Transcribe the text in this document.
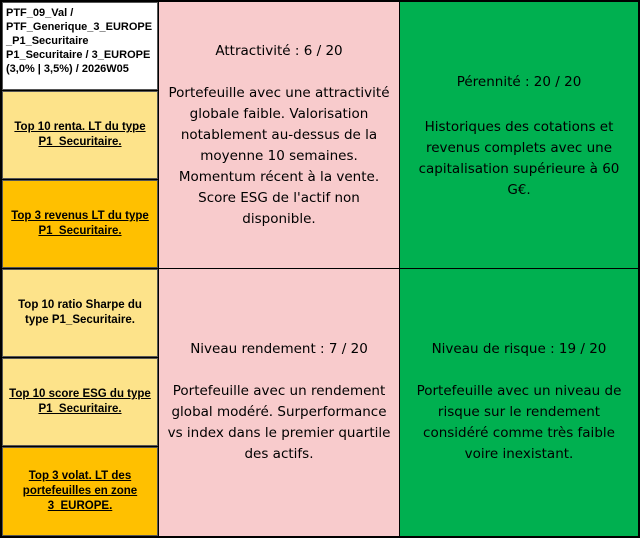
PTF_09_Val /
PTF_Generique_3_EUROPE
_P1_Securitaire
P1_Securitaire / 3_EUROPE
(3,0% | 3,5%) / 2026W05
Top 10 renta. LT du type P1_Securitaire.
Top 3 revenus LT du type P1_Securitaire.
Top 10 ratio Sharpe du type P1_Securitaire.
Top 10 score ESG du type P1_Securitaire.
Top 3 volat. LT des portefeuilles en zone 3_EUROPE.
Attractivité : 6 / 20
Portefeuille avec une attractivité globale faible. Valorisation notablement au-dessus de la moyenne 10 semaines. Momentum récent à la vente. Score ESG de l'actif non disponible.
Pérennité : 20 / 20
Historiques des cotations et revenus complets avec une capitalisation supérieure à 60 G€.
Niveau rendement : 7 / 20
Portefeuille avec un rendement global modéré. Surperformance vs index dans le premier quartile des actifs.
Niveau de risque : 19 / 20
Portefeuille avec un niveau de risque sur le rendement considéré comme très faible voire inexistant.
